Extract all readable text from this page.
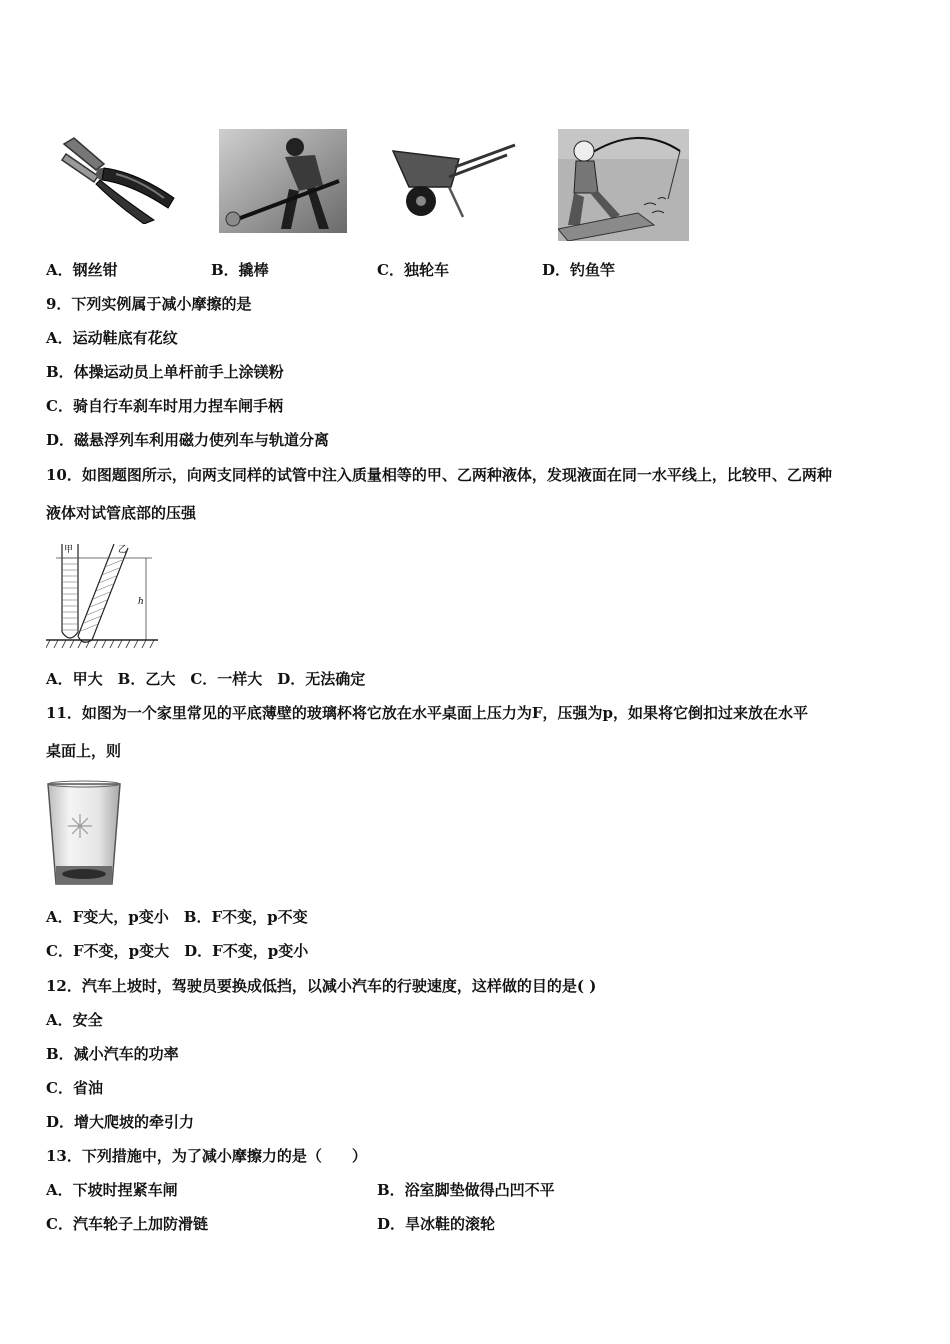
A．钢丝钳	B．撬棒	C．独轮车	D．钓鱼竿
9．下列实例属于减小摩擦的是
A．运动鞋底有花纹
B．体操运动员上单杆前手上涂镁粉
C．骑自行车刹车时用力捏车闸手柄
D．磁悬浮列车利用磁力使列车与轨道分离
10．如图题图所示，向两支同样的试管中注入质量相等的甲、乙两种液体，发现液面在同一水平线上，比较甲、乙两种
液体对试管底部的压强
甲	乙
h
A．甲大　B．乙大　C．一样大　D．无法确定
11．如图为一个家里常见的平底薄壁的玻璃杯将它放在水平桌面上压力为F，压强为p，如果将它倒扣过来放在水平
桌面上，则
A．F变大，p变小　B．F不变，p不变
C．F不变，p变大　D．F不变，p变小
12．汽车上坡时，驾驶员要换成低挡，以减小汽车的行驶速度，这样做的目的是( )
A．安全
B．减小汽车的功率
C．省油
D．增大爬坡的牵引力
13．下列措施中，为了减小摩擦力的是（　　）
A．下坡时捏紧车闸	B．浴室脚垫做得凸凹不平
C．汽车轮子上加防滑链	D．旱冰鞋的滚轮
